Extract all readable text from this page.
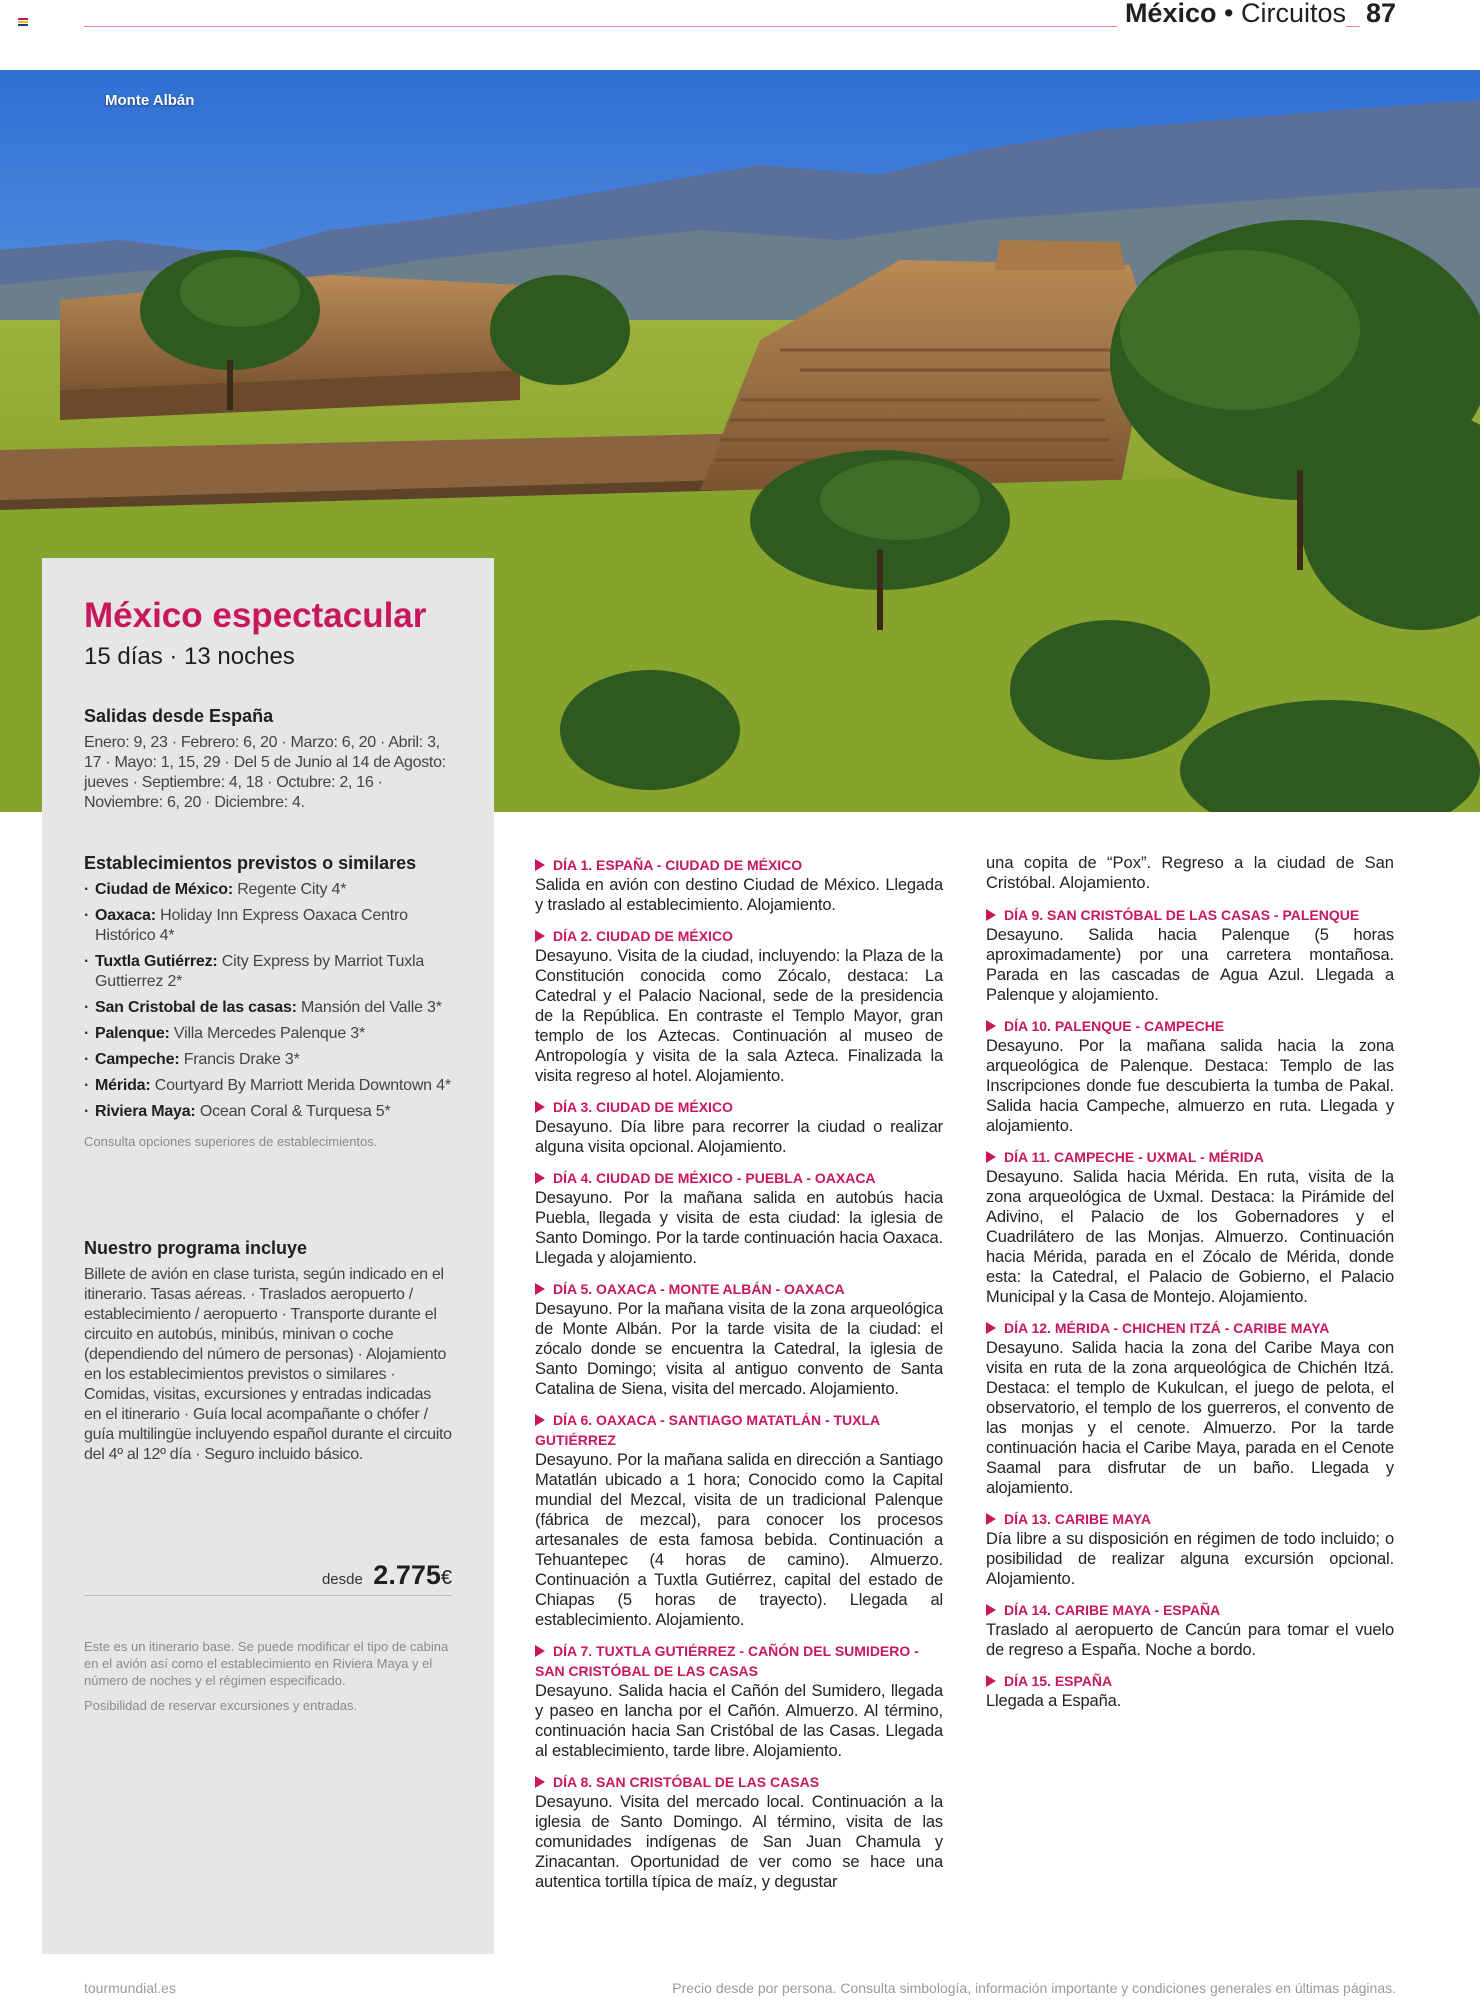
México • Circuitos 87
Monte Albán
México espectacular
15 días · 13 noches
Salidas desde España
Enero: 9, 23 · Febrero: 6, 20 · Marzo: 6, 20 · Abril: 3, 17 · Mayo: 1, 15, 29 · Del 5 de Junio al 14 de Agosto: jueves · Septiembre: 4, 18 · Octubre: 2, 16 · Noviembre: 6, 20 · Diciembre: 4.
Establecimientos previstos o similares
· Ciudad de México: Regente City 4*
· Oaxaca: Holiday Inn Express Oaxaca Centro Histórico 4*
· Tuxtla Gutiérrez: City Express by Marriot Tuxla Guttierrez 2*
· San Cristobal de las casas: Mansión del Valle 3*
· Palenque: Villa Mercedes Palenque 3*
· Campeche: Francis Drake 3*
· Mérida: Courtyard By Marriott Merida Downtown 4*
· Riviera Maya: Ocean Coral & Turquesa 5*
Consulta opciones superiores de establecimientos.
Nuestro programa incluye
Billete de avión en clase turista, según indicado en el itinerario. Tasas aéreas. · Traslados aeropuerto / establecimiento / aeropuerto · Transporte durante el circuito en autobús, minibús, minivan o coche (dependiendo del número de personas) · Alojamiento en los establecimientos previstos o similares · Comidas, visitas, excursiones y entradas indicadas en el itinerario · Guía local acompañante o chófer / guía multilingüe incluyendo español durante el circuito del 4º al 12º día · Seguro incluido básico.
desde 2.775€

Este es un itinerario base. Se puede modificar el tipo de cabina en el avión así como el establecimiento en Riviera Maya y el número de noches y el régimen especificado.

Posibilidad de reservar excursiones y entradas.

DÍA 1. ESPAÑA - CIUDAD DE MÉXICO
Salida en avión con destino Ciudad de México. Llegada y traslado al establecimiento. Alojamiento.
DÍA 2. CIUDAD DE MÉXICO
Desayuno. Visita de la ciudad, incluyendo: la Plaza de la Constitución conocida como Zócalo, destaca: La Catedral y el Palacio Nacional, sede de la presidencia de la República. En contraste el Templo Mayor, gran templo de los Aztecas. Continuación al museo de Antropología y visita de la sala Azteca. Finalizada la visita regreso al hotel. Alojamiento.
DÍA 3. CIUDAD DE MÉXICO
Desayuno. Día libre para recorrer la ciudad o realizar alguna visita opcional. Alojamiento.
DÍA 4. CIUDAD DE MÉXICO - PUEBLA - OAXACA
Desayuno. Por la mañana salida en autobús hacia Puebla, llegada y visita de esta ciudad: la iglesia de Santo Domingo. Por la tarde continuación hacia Oaxaca. Llegada y alojamiento.
DÍA 5. OAXACA - MONTE ALBÁN - OAXACA
Desayuno. Por la mañana visita de la zona arqueológica de Monte Albán. Por la tarde visita de la ciudad: el zócalo donde se encuentra la Catedral, la iglesia de Santo Domingo; visita al antiguo convento de Santa Catalina de Siena, visita del mercado. Alojamiento.
DÍA 6. OAXACA - SANTIAGO MATATLÁN - TUXLA GUTIÉRREZ
Desayuno. Por la mañana salida en dirección a Santiago Matatlán ubicado a 1 hora; Conocido como la Capital mundial del Mezcal, visita de un tradicional Palenque (fábrica de mezcal), para conocer los procesos artesanales de esta famosa bebida. Continuación a Tehuantepec (4 horas de camino). Almuerzo. Continuación a Tuxtla Gutiérrez, capital del estado de Chiapas (5 horas de trayecto). Llegada al establecimiento. Alojamiento.
DÍA 7. TUXTLA GUTIÉRREZ - CAÑÓN DEL SUMIDERO - SAN CRISTÓBAL DE LAS CASAS
Desayuno. Salida hacia el Cañón del Sumidero, llegada y paseo en lancha por el Cañón. Almuerzo. Al término, continuación hacia San Cristóbal de las Casas. Llegada al establecimiento, tarde libre. Alojamiento.
DÍA 8. SAN CRISTÓBAL DE LAS CASAS
Desayuno. Visita del mercado local. Continuación a la iglesia de Santo Domingo. Al término, visita de las comunidades indígenas de San Juan Chamula y Zinacantan. Oportunidad de ver como se hace una autentica tortilla típica de maíz, y degustar
una copita de “Pox”. Regreso a la ciudad de San Cristóbal. Alojamiento.
DÍA 9. SAN CRISTÓBAL DE LAS CASAS - PALENQUE
Desayuno. Salida hacia Palenque (5 horas aproximadamente) por una carretera montañosa. Parada en las cascadas de Agua Azul. Llegada a Palenque y alojamiento.
DÍA 10. PALENQUE - CAMPECHE
Desayuno. Por la mañana salida hacia la zona arqueológica de Palenque. Destaca: Templo de las Inscripciones donde fue descubierta la tumba de Pakal. Salida hacia Campeche, almuerzo en ruta. Llegada y alojamiento.
DÍA 11. CAMPECHE - UXMAL - MÉRIDA
Desayuno. Salida hacia Mérida. En ruta, visita de la zona arqueológica de Uxmal. Destaca: la Pirámide del Adivino, el Palacio de los Gobernadores y el Cuadrilátero de las Monjas. Almuerzo. Continuación hacia Mérida, parada en el Zócalo de Mérida, donde esta: la Catedral, el Palacio de Gobierno, el Palacio Municipal y la Casa de Montejo. Alojamiento.
DÍA 12. MÉRIDA - CHICHEN ITZÁ - CARIBE MAYA
Desayuno. Salida hacia la zona del Caribe Maya con visita en ruta de la zona arqueológica de Chichén Itzá. Destaca: el templo de Kukulcan, el juego de pelota, el observatorio, el templo de los guerreros, el convento de las monjas y el cenote. Almuerzo. Por la tarde continuación hacia el Caribe Maya, parada en el Cenote Saamal para disfrutar de un baño. Llegada y alojamiento.
DÍA 13. CARIBE MAYA
Día libre a su disposición en régimen de todo incluido; o posibilidad de realizar alguna excursión opcional. Alojamiento.
DÍA 14. CARIBE MAYA - ESPAÑA
Traslado al aeropuerto de Cancún para tomar el vuelo de regreso a España. Noche a bordo.
DÍA 15. ESPAÑA
Llegada a España.
tourmundial.es	Precio desde por persona. Consulta simbología, información importante y condiciones generales en últimas páginas.
